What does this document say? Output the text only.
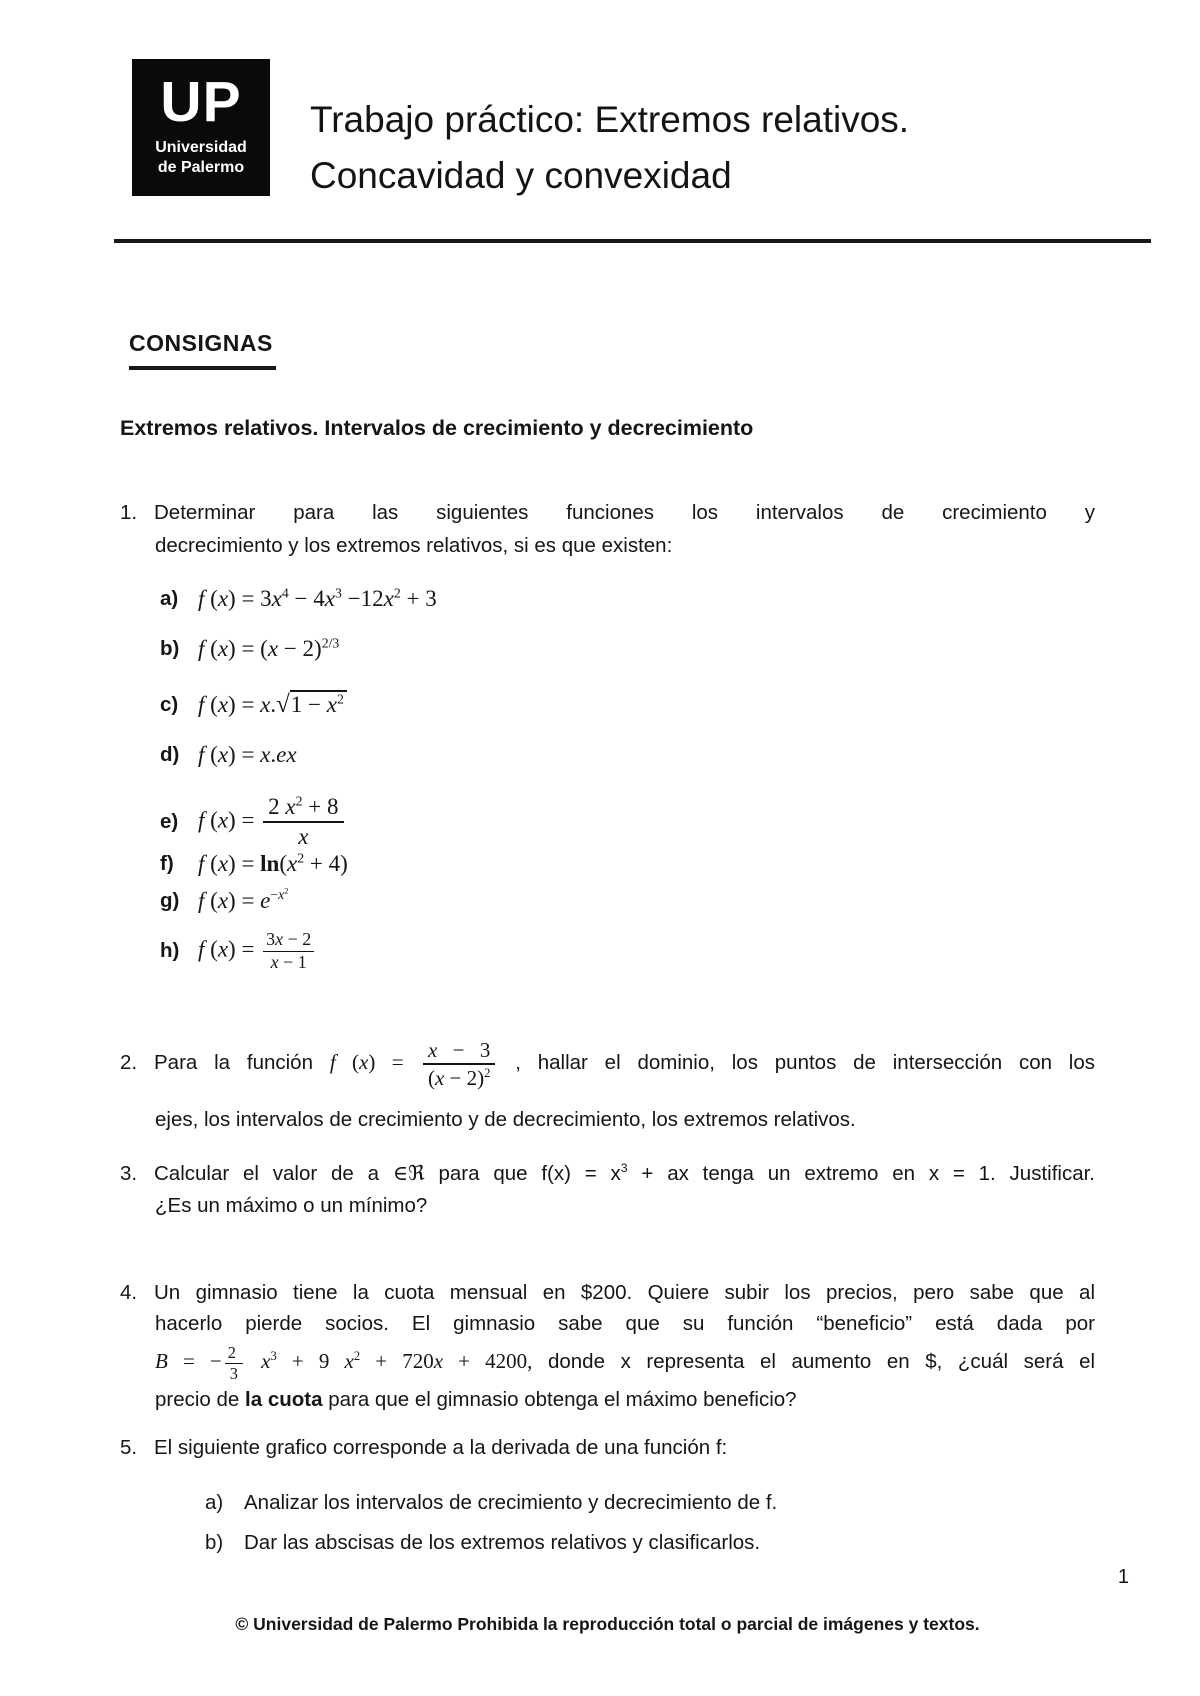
UP
Universidad
de Palermo
Trabajo práctico: Extremos relativos.
Concavidad y convexidad
CONSIGNAS
Extremos relativos. Intervalos de crecimiento y decrecimiento
1. Determinar para las siguientes funciones los intervalos de crecimiento y
decrecimiento y los extremos relativos, si es que existen:
a) f $(x) = 3x^4 - 4x^3 -12x^2 + 3$
b) f $(x) = (x - 2)^{2/3}$
c) f $(x) = x.√1 - x^2$
d) f (x) = x.ex
e) f $(x) = \frac{2 x^2 + 8}{x}$
f)	f $(x) = \ln(x^2 + 4)$
g) f $(x) = e^{-x^2}$
h) f $(x) = \frac{3x - 2}{x - 1}$
2. Para la función f $(x) = \frac{x - 3}{(x - 2)^2}$ , hallar el dominio, los puntos de intersección con los
ejes, los intervalos de crecimiento y de decrecimiento, los extremos relativos.
3. Calcular el valor de a ∈ℜ para que $f(x) = x^3$ + ax tenga un extremo en x = 1. Justificar.
¿Es un máximo o un mínimo?
4. Un gimnasio tiene la cuota mensual en $200. Quiere subir los precios, pero sabe que al
hacerlo pierde socios. El gimnasio sabe que su función “beneficio” está dada por
B = − $\frac{2}{3} x^3 + 9$ $x^2 + 720x + 4200$, donde x representa el aumento en $, ¿cuál será el
precio de la cuota para que el gimnasio obtenga el máximo beneficio?
5. El siguiente grafico corresponde a la derivada de una función f:
a)	Analizar los intervalos de crecimiento y decrecimiento de f.
b)	Dar las abscisas de los extremos relativos y clasificarlos.
1
© Universidad de Palermo Prohibida la reproducción total o parcial de imágenes y textos.
